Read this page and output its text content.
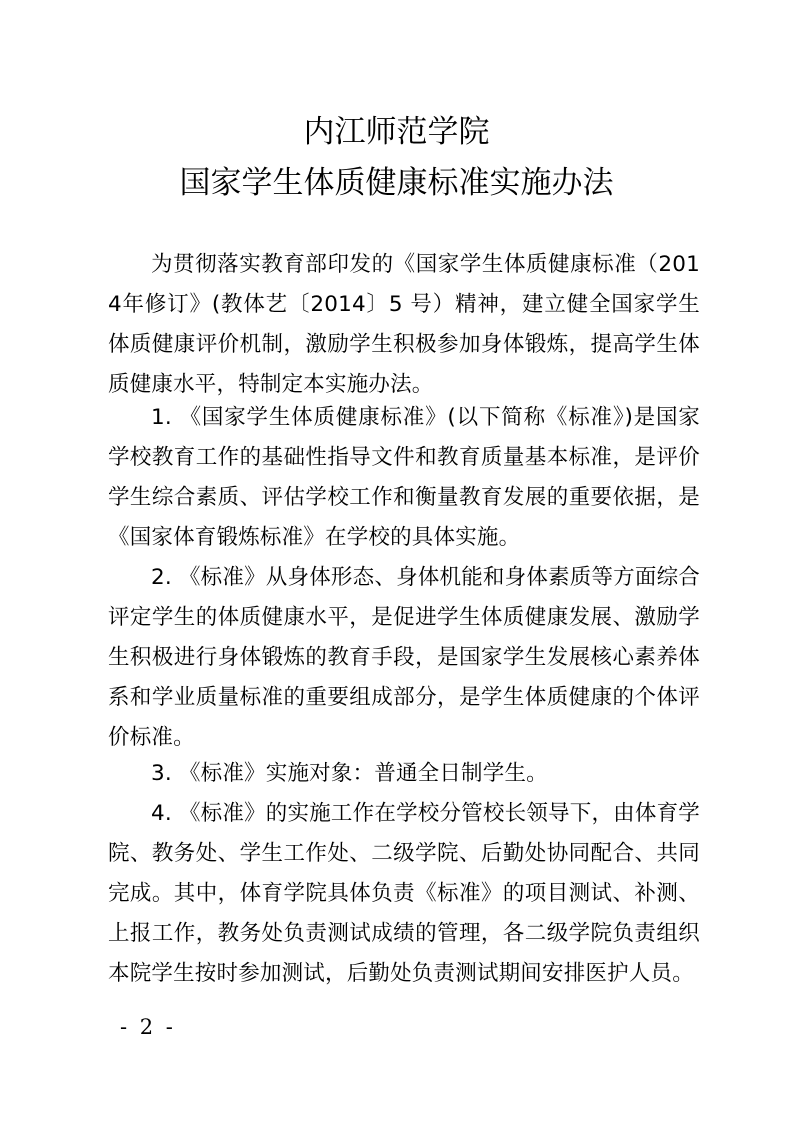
内江师范学院
国家学生体质健康标准实施办法

为贯彻落实教育部印发的《国家学生体质健康标准（2014年修订》(教体艺〔2014〕5 号）精神，建立健全国家学生体质健康评价机制，激励学生积极参加身体锻炼，提高学生体质健康水平，特制定本实施办法。

1. 《国家学生体质健康标准》(以下简称《标准》)是国家学校教育工作的基础性指导文件和教育质量基本标准，是评价学生综合素质、评估学校工作和衡量教育发展的重要依据，是《国家体育锻炼标准》在学校的具体实施。

2. 《标准》从身体形态、身体机能和身体素质等方面综合评定学生的体质健康水平，是促进学生体质健康发展、激励学生积极进行身体锻炼的教育手段，是国家学生发展核心素养体系和学业质量标准的重要组成部分，是学生体质健康的个体评价标准。

3. 《标准》实施对象：普通全日制学生。

4. 《标准》的实施工作在学校分管校长领导下，由体育学院、教务处、学生工作处、二级学院、后勤处协同配合、共同完成。其中，体育学院具体负责《标准》的项目测试、补测、上报工作，教务处负责测试成绩的管理，各二级学院负责组织本院学生按时参加测试，后勤处负责测试期间安排医护人员。

- 2 -
